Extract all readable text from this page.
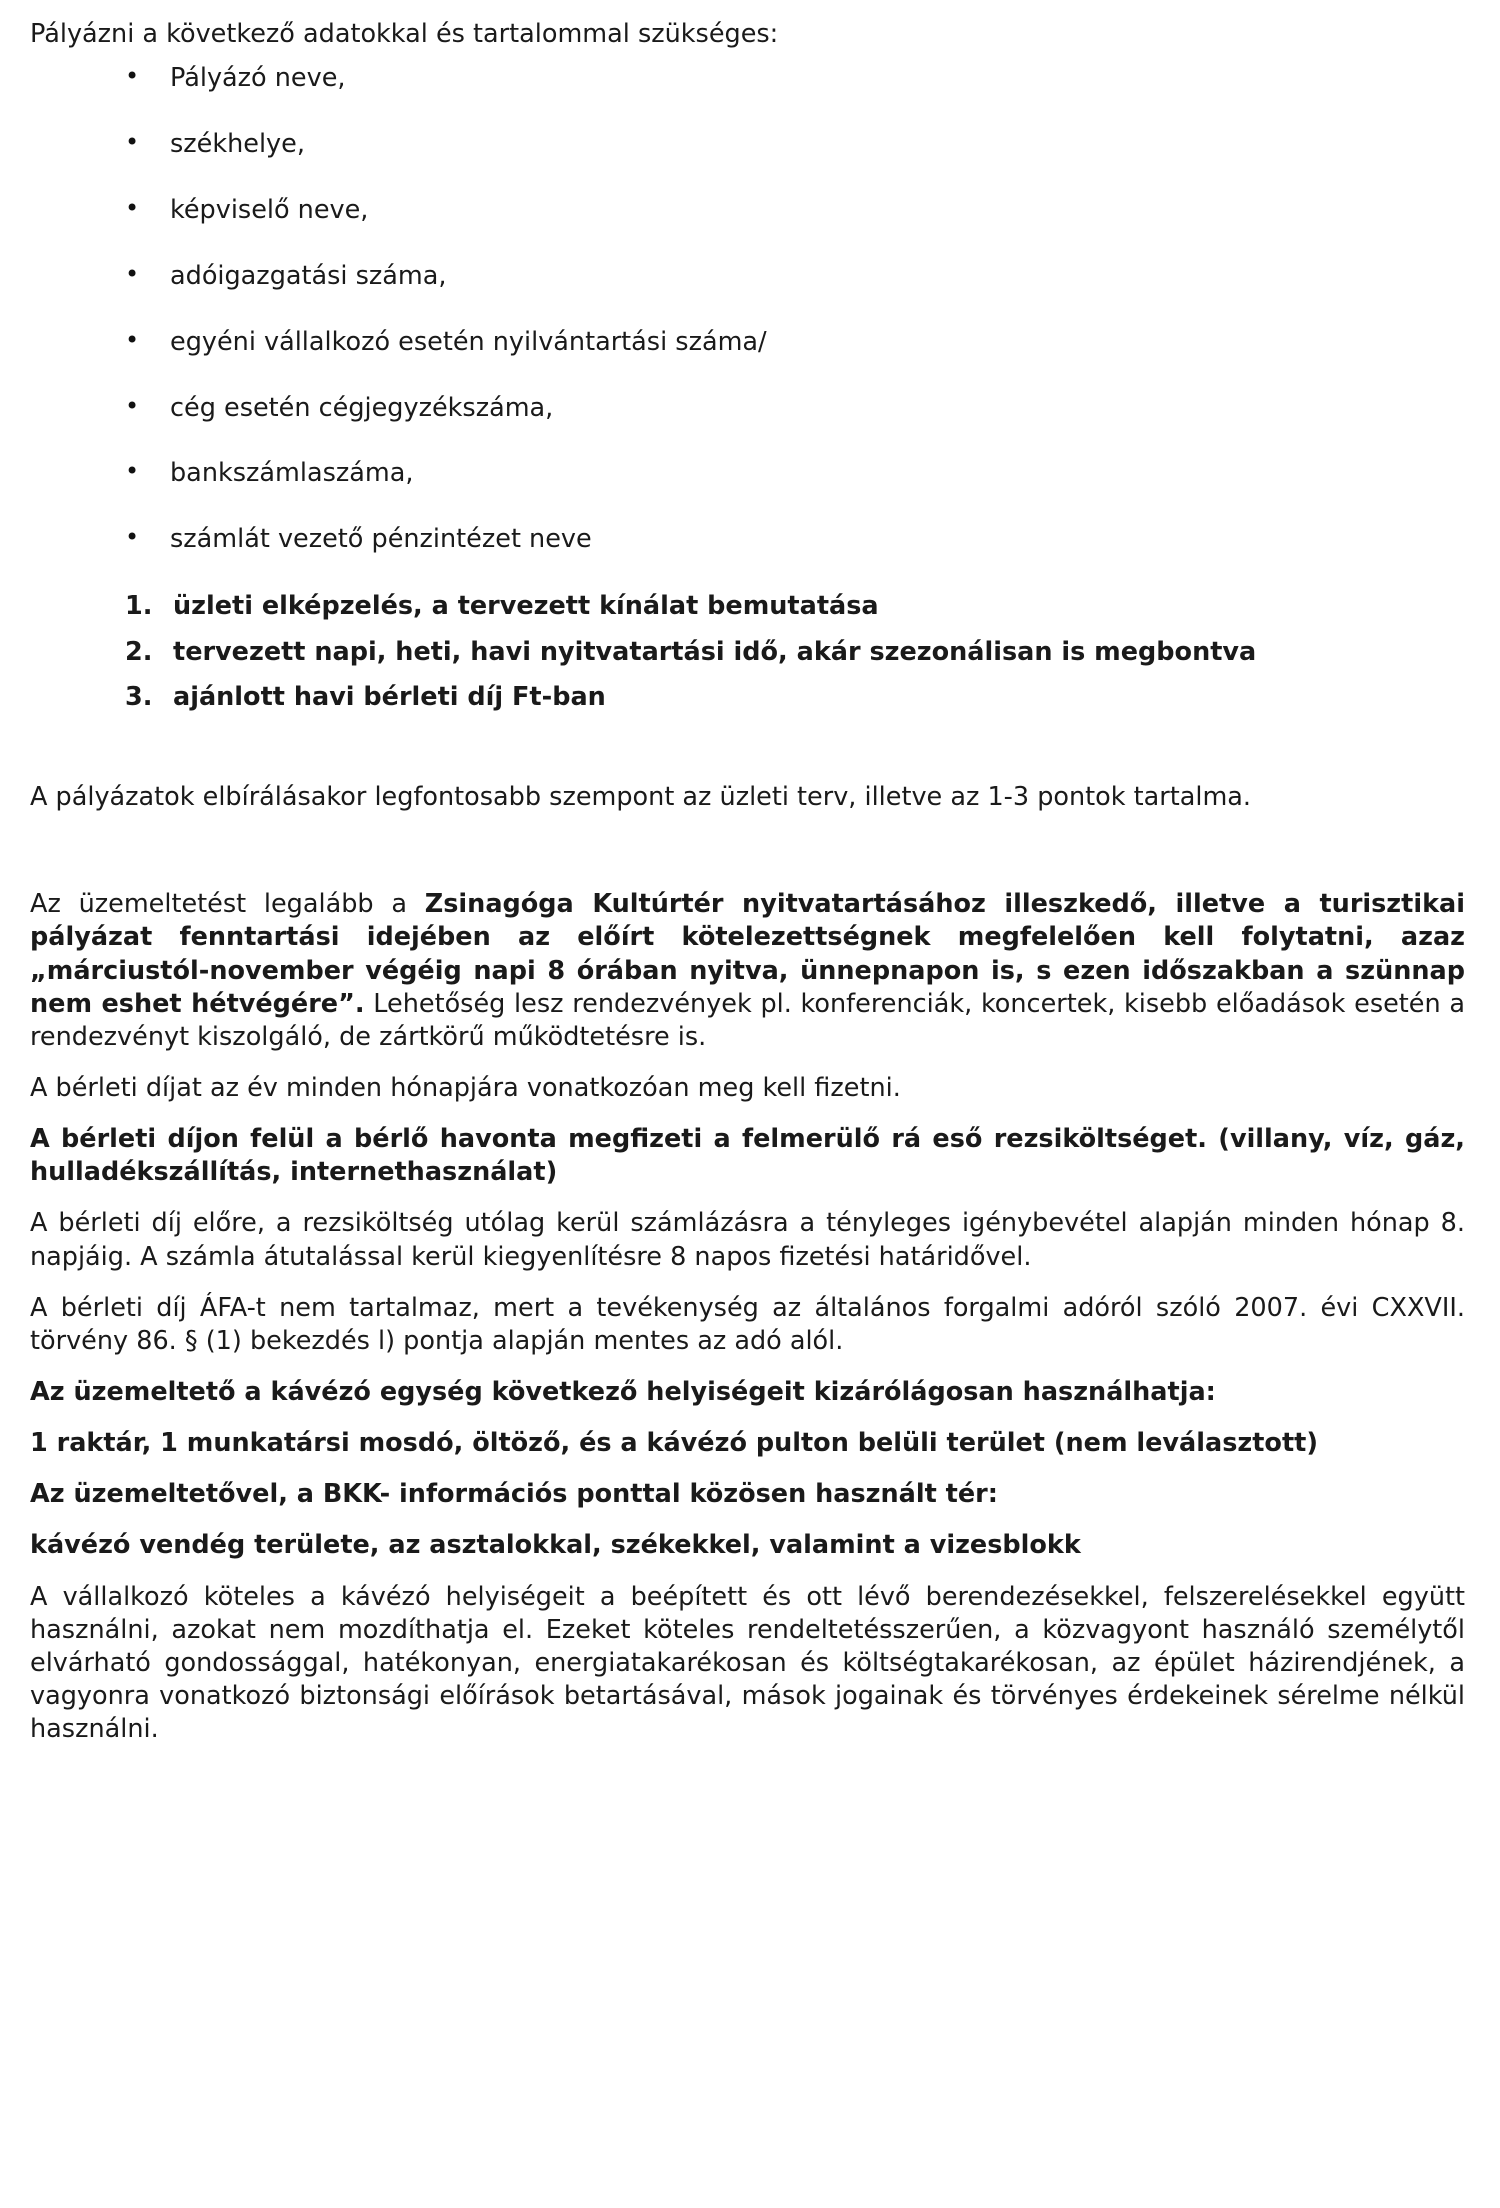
Pályázni a következő adatokkal és tartalommal szükséges:

• Pályázó neve,
• székhelye,
• képviselő neve,
• adóigazgatási száma,
• egyéni vállalkozó esetén nyilvántartási száma/
• cég esetén cégjegyzékszáma,
• bankszámlaszáma,
• számlát vezető pénzintézet neve
üzleti elképzelés, a tervezett kínálat bemutatása
tervezett napi, heti, havi nyitvatartási idő, akár szezonálisan is megbontva
ajánlott havi bérleti díj Ft-ban

A pályázatok elbírálásakor legfontosabb szempont az üzleti terv, illetve az 1-3 pontok tartalma.

Az üzemeltetést legalább a Zsinagóga Kultúrtér nyitvatartásához illeszkedő, illetve a turisztikai pályázat fenntartási idejében az előírt kötelezettségnek megfelelően kell folytatni, azaz „márciustól-november végéig napi 8 órában nyitva, ünnepnapon is, s ezen időszakban a szünnap nem eshet hétvégére”. Lehetőség lesz rendezvények pl. konferenciák, koncertek, kisebb előadások esetén a rendezvényt kiszolgáló, de zártkörű működtetésre is.

A bérleti díjat az év minden hónapjára vonatkozóan meg kell fizetni.

A bérleti díjon felül a bérlő havonta megfizeti a felmerülő rá eső rezsiköltséget. (villany, víz, gáz, hulladékszállítás, internethasználat)

A bérleti díj előre, a rezsiköltség utólag kerül számlázásra a tényleges igénybevétel alapján minden hónap 8. napjáig. A számla átutalással kerül kiegyenlítésre 8 napos fizetési határidővel.

A bérleti díj ÁFA-t nem tartalmaz, mert a tevékenység az általános forgalmi adóról szóló 2007. évi CXXVII. törvény 86. § (1) bekezdés l) pontja alapján mentes az adó alól.

Az üzemeltető a kávézó egység következő helyiségeit kizárólágosan használhatja:

1 raktár, 1 munkatársi mosdó, öltöző, és a kávézó pulton belüli terület (nem leválasztott)

Az üzemeltetővel, a BKK- információs ponttal közösen használt tér:

kávézó vendég területe, az asztalokkal, székekkel, valamint a vizesblokk

A vállalkozó köteles a kávézó helyiségeit a beépített és ott lévő berendezésekkel, felszerelésekkel együtt használni, azokat nem mozdíthatja el. Ezeket köteles rendeltetésszerűen, a közvagyont használó személytől elvárható gondossággal, hatékonyan, energiatakarékosan és költségtakarékosan, az épület házirendjének, a vagyonra vonatkozó biztonsági előírások betartásával, mások jogainak és törvényes érdekeinek sérelme nélkül használni.
